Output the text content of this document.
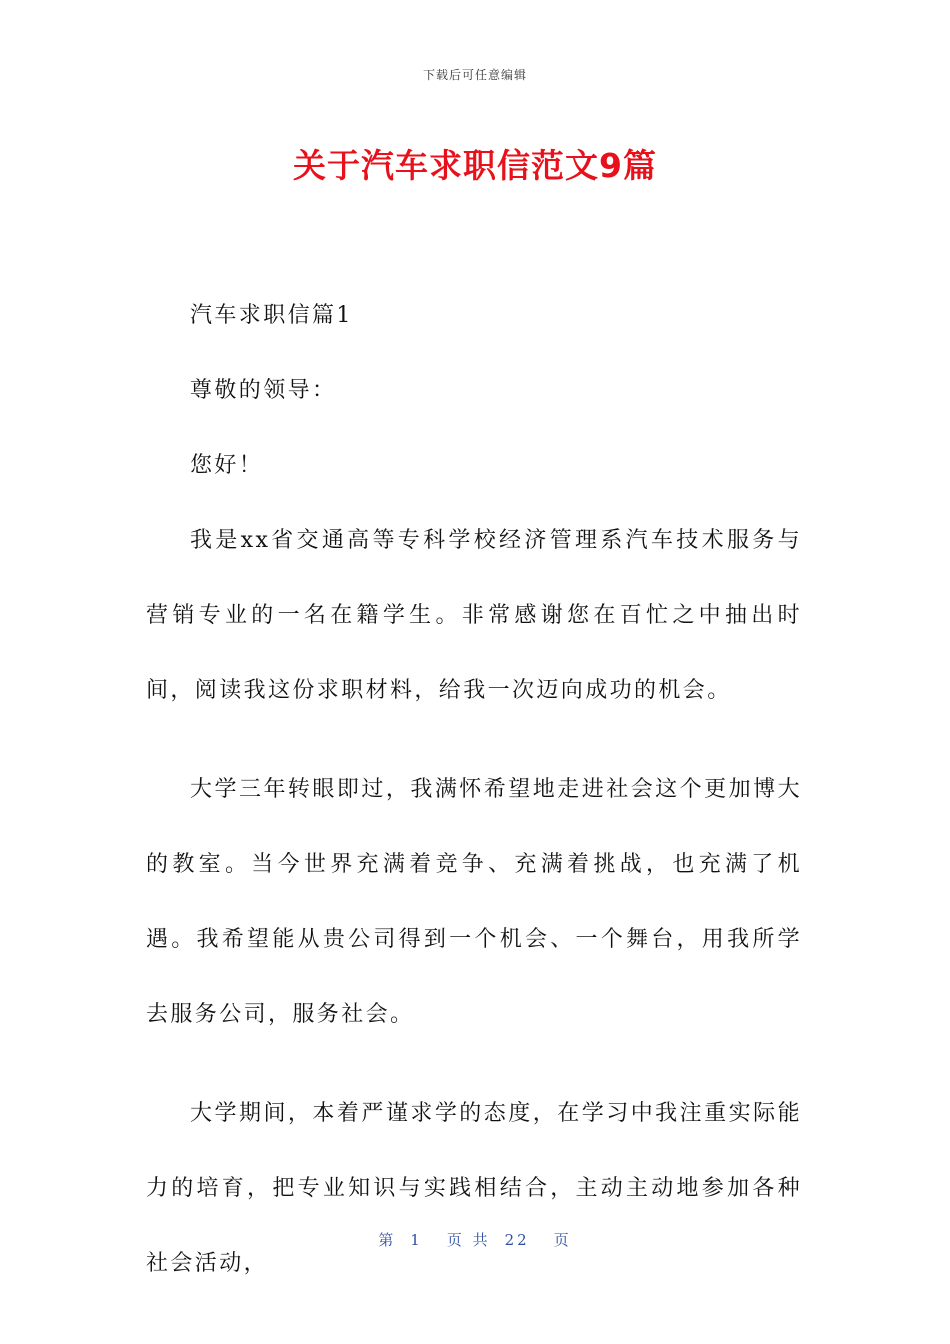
下载后可任意编辑
关于汽车求职信范文9篇

汽车求职信篇1

尊敬的领导：

您好！

我是xx省交通高等专科学校经济管理系汽车技术服务与营销专业的一名在籍学生。非常感谢您在百忙之中抽出时间，阅读我这份求职材料，给我一次迈向成功的机会。

大学三年转眼即过，我满怀希望地走进社会这个更加博大的教室。当今世界充满着竞争、充满着挑战，也充满了机遇。我希望能从贵公司得到一个机会、一个舞台，用我所学去服务公司，服务社会。

大学期间，本着严谨求学的态度，在学习中我注重实际能力的培育，把专业知识与实践相结合，主动主动地参加各种社会活动，

第 1 页 共 22 页
